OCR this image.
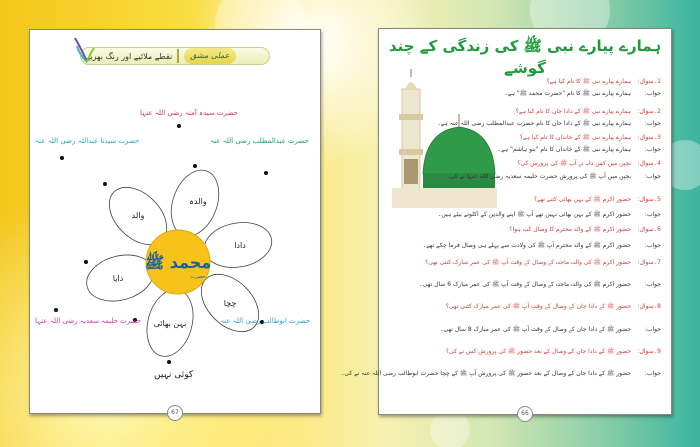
عملی مشق
نقطے ملائیے اور رنگ بھریے۔
حضرت سیدہ آمنہ رضی اللہ عنہا
حضرت سیدنا عبداللہ رضی اللہ عنہ	حضرت عبدالمطلب رضی اللہ عنہ
محمد ﷺ
حضرت
والدہ
دادا
چچا
بہن بھائی
دایا
والد
حضرت حلیمہ سعدیہ رضی اللہ عنہا	حضرت ابوطالب رضی اللہ عنہ
کوئی نہیں
67
ہمارے پیارے نبی ﷺ کی زندگی کے چند گوشے
1۔سوال: ہمارے پیارے نبی ﷺ کا نام کیا ہے؟
جواب: ہمارے پیارے نبی ﷺ کا نام "حضرت محمد ﷺ" ہے۔
2۔سوال: ہمارے پیارے نبی ﷺ کے دادا جان کا نام کیا ہے؟
جواب: ہمارے پیارے نبی ﷺ کے دادا جان کا نام حضرت عبدالمطلب رضی اللہ عنہ ہے۔
3۔سوال: ہمارے پیارے نبی ﷺ کے خاندان کا نام کیا ہے؟
جواب: ہمارے پیارے نبی ﷺ کے خاندان کا نام "بنو ہاشم" ہے۔
4۔سوال: بچپن میں کس دایہ نے آپ ﷺ کی پرورش کی؟
جواب: بچپن میں آپ ﷺ کی پرورش حضرت حلیمہ سعدیہ رضی اللہ عنہا نے کی۔
5۔سوال: حضور اکرم ﷺ کے بہن بھائی کتنے تھے؟
جواب: حضور اکرم ﷺ کے بہن بھائی نہیں تھے آپ ﷺ اپنے والدین کے اکلوتے بیٹے ہیں۔
6۔سوال: حضور اکرم ﷺ کے والد محترم کا وصال کب ہوا؟
جواب: حضور اکرم ﷺ کے والد محترم آپ ﷺ کی ولادت سے پہلے ہی وصال فرما چکے تھے۔
7۔سوال: حضور اکرم ﷺ کی والدہ ماجدہ کے وصال کے وقت آپ ﷺ کی عمر مبارک کتنی تھی؟
جواب: حضور اکرم ﷺ کی والدہ ماجدہ کے وصال کے وقت آپ ﷺ کی عمر مبارک 6 سال تھی۔
8۔سوال: حضور ﷺ کے دادا جان کے وصال کے وقت آپ ﷺ کی عمر مبارک کتنی تھی؟
جواب: حضور ﷺ کے دادا جان کے وصال کے وقت آپ ﷺ کی عمر مبارک 8 سال تھی۔
9۔سوال: حضور ﷺ کے دادا جان کے وصال کے بعد حضور ﷺ کی پرورش کس نے کی؟
جواب: حضور ﷺ کے دادا جان کے وصال کے بعد حضور ﷺ کی پرورش آپ ﷺ کے چچا حضرت ابوطالب رضی اللہ عنہ نے کی۔
66
